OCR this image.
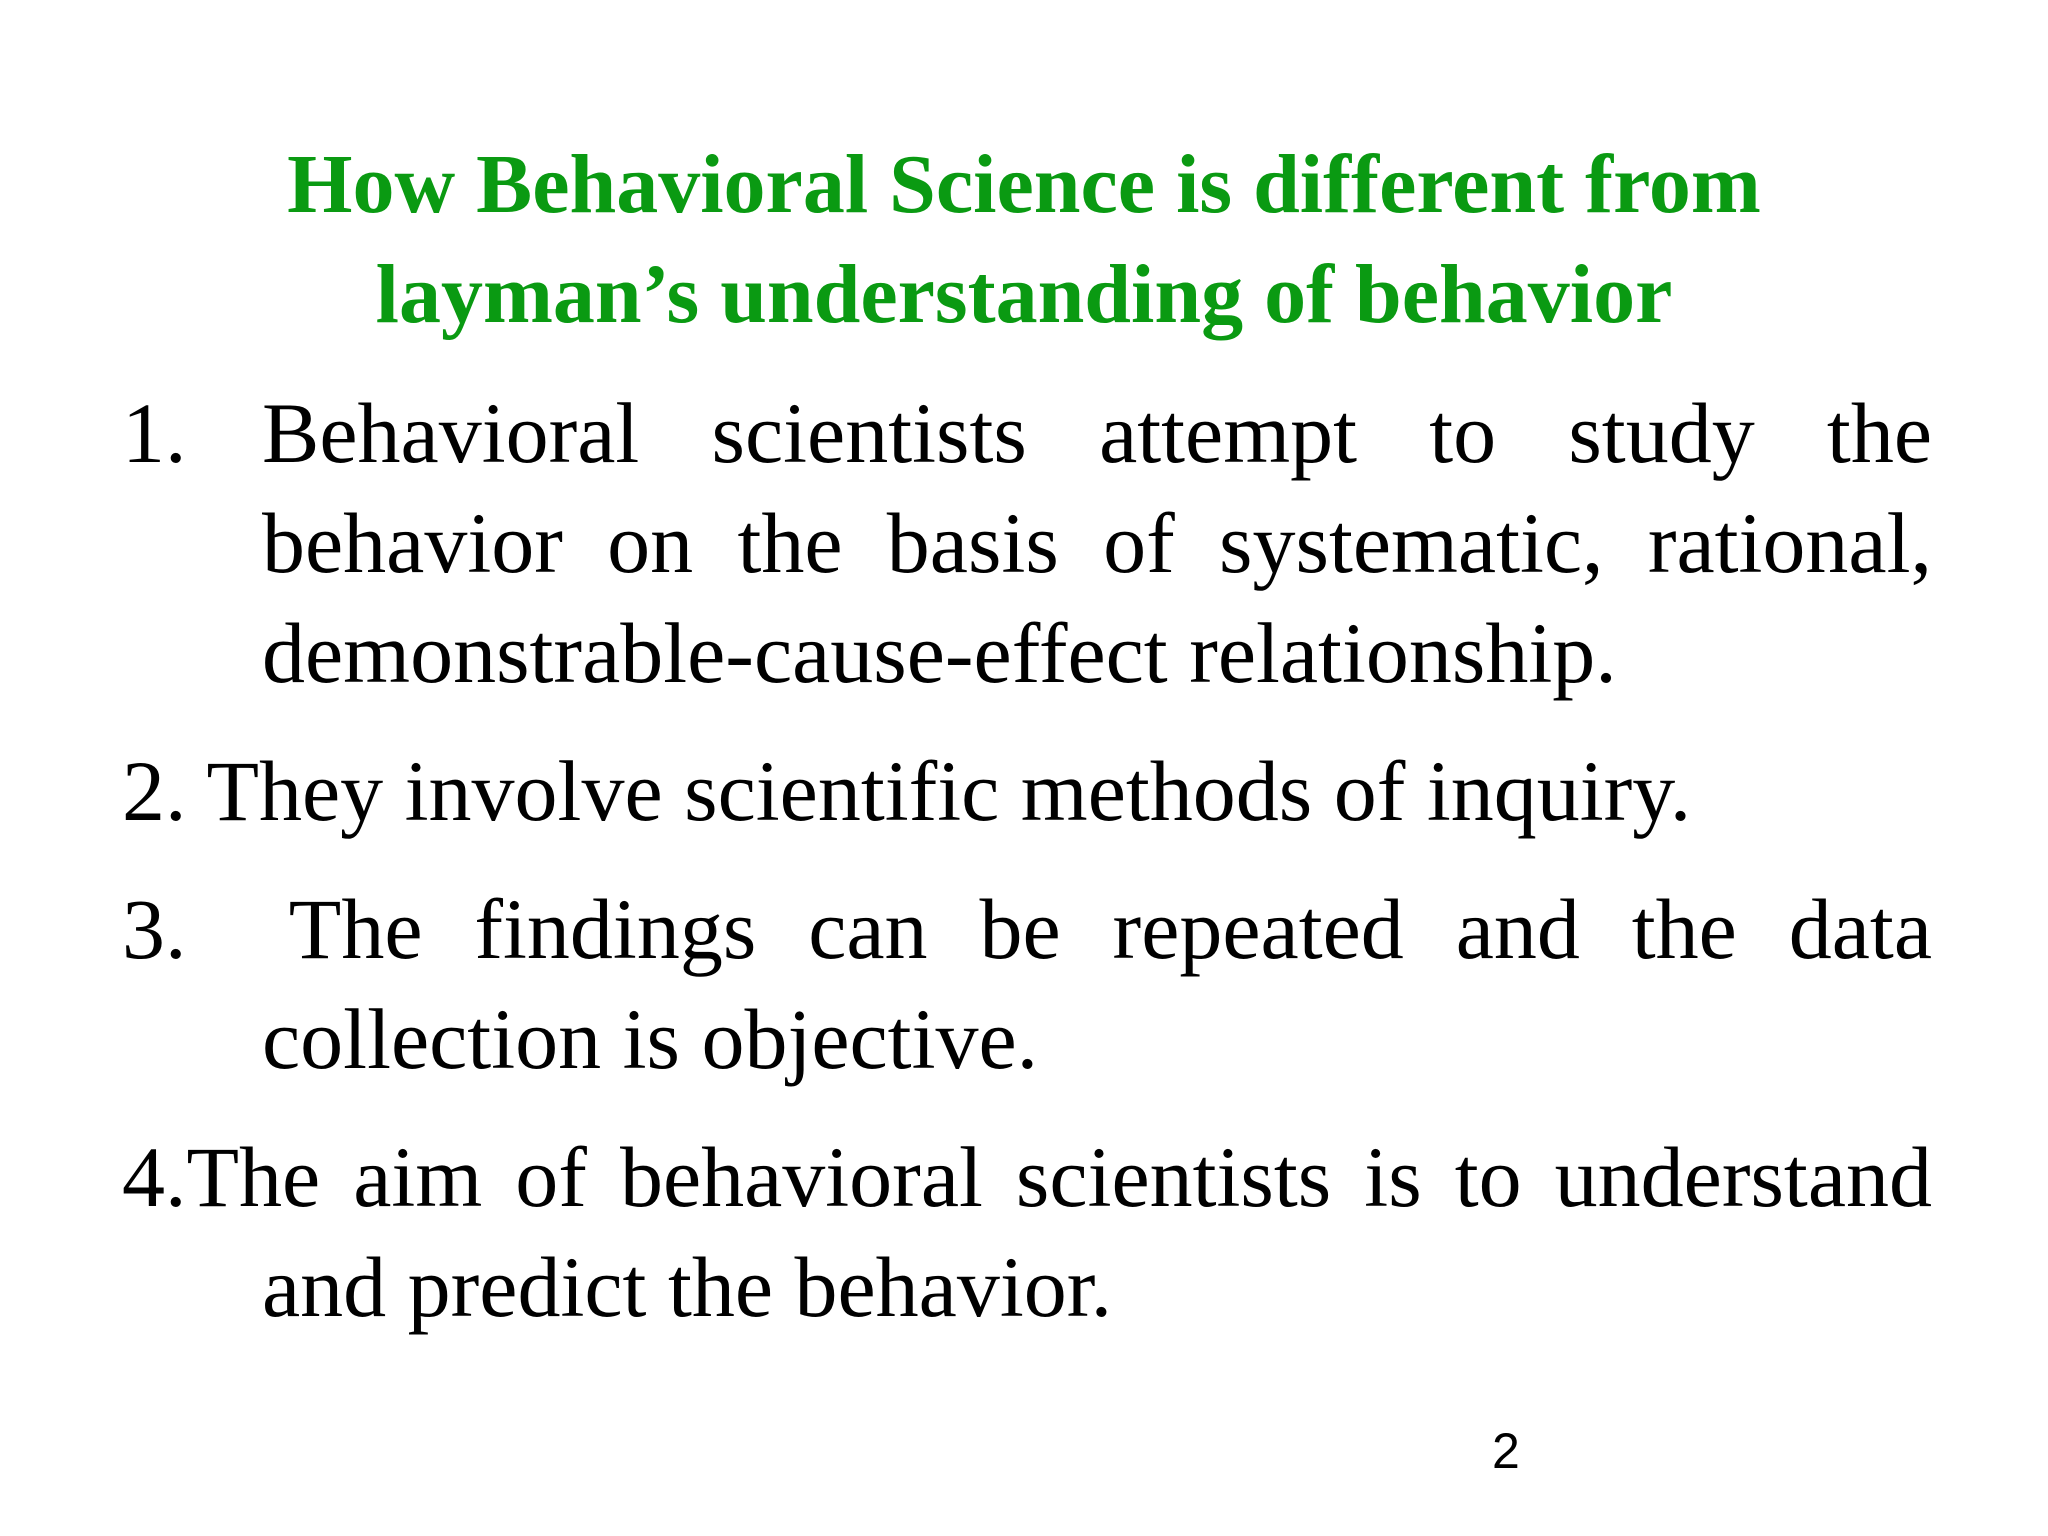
How Behavioral Science is different from
layman’s understanding of behavior
1. Behavioral scientists attempt to study the behavior on the basis of systematic, rational, demonstrable-cause-effect relationship.
2. They involve scientific methods of inquiry.
3. The findings can be repeated and the data collection is objective.
4.The aim of behavioral scientists is to understand and predict the behavior.
2
